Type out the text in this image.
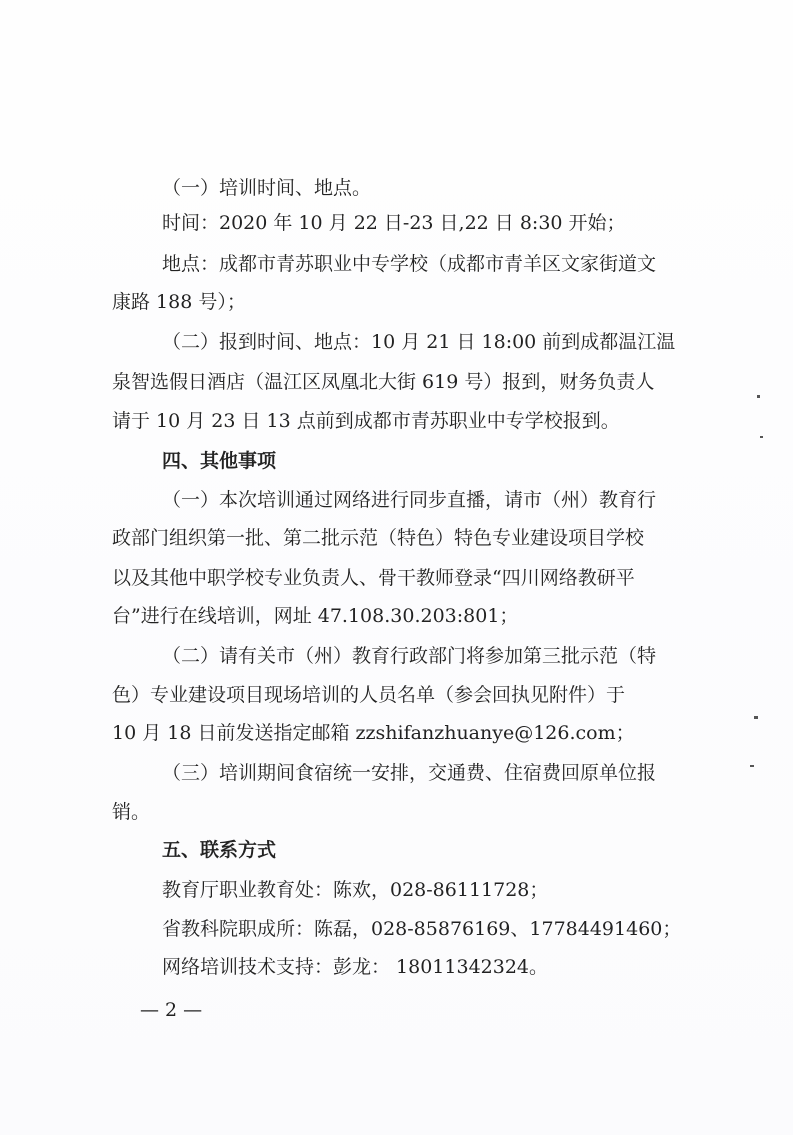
（一）培训时间、地点。
时间：2020 年 10 月 22 日-23 日,22 日 8:30 开始；
地点：成都市青苏职业中专学校（成都市青羊区文家街道文
康路 188 号）；
（二）报到时间、地点：10 月 21 日 18:00 前到成都温江温
泉智选假日酒店（温江区凤凰北大街 619 号）报到，财务负责人
请于 10 月 23 日 13 点前到成都市青苏职业中专学校报到。
四、其他事项
（一）本次培训通过网络进行同步直播，请市（州）教育行
政部门组织第一批、第二批示范（特色）特色专业建设项目学校
以及其他中职学校专业负责人、骨干教师登录“四川网络教研平
台”进行在线培训，网址 47.108.30.203:801；
（二）请有关市（州）教育行政部门将参加第三批示范（特
色）专业建设项目现场培训的人员名单（参会回执见附件）于
10 月 18 日前发送指定邮箱 zzshifanzhuanye@126.com；
（三）培训期间食宿统一安排，交通费、住宿费回原单位报
销。
五、联系方式
教育厅职业教育处：陈欢，028-86111728；
省教科院职成所：陈磊，028-85876169、17784491460；
网络培训技术支持：彭龙： 18011342324。
— 2 —
